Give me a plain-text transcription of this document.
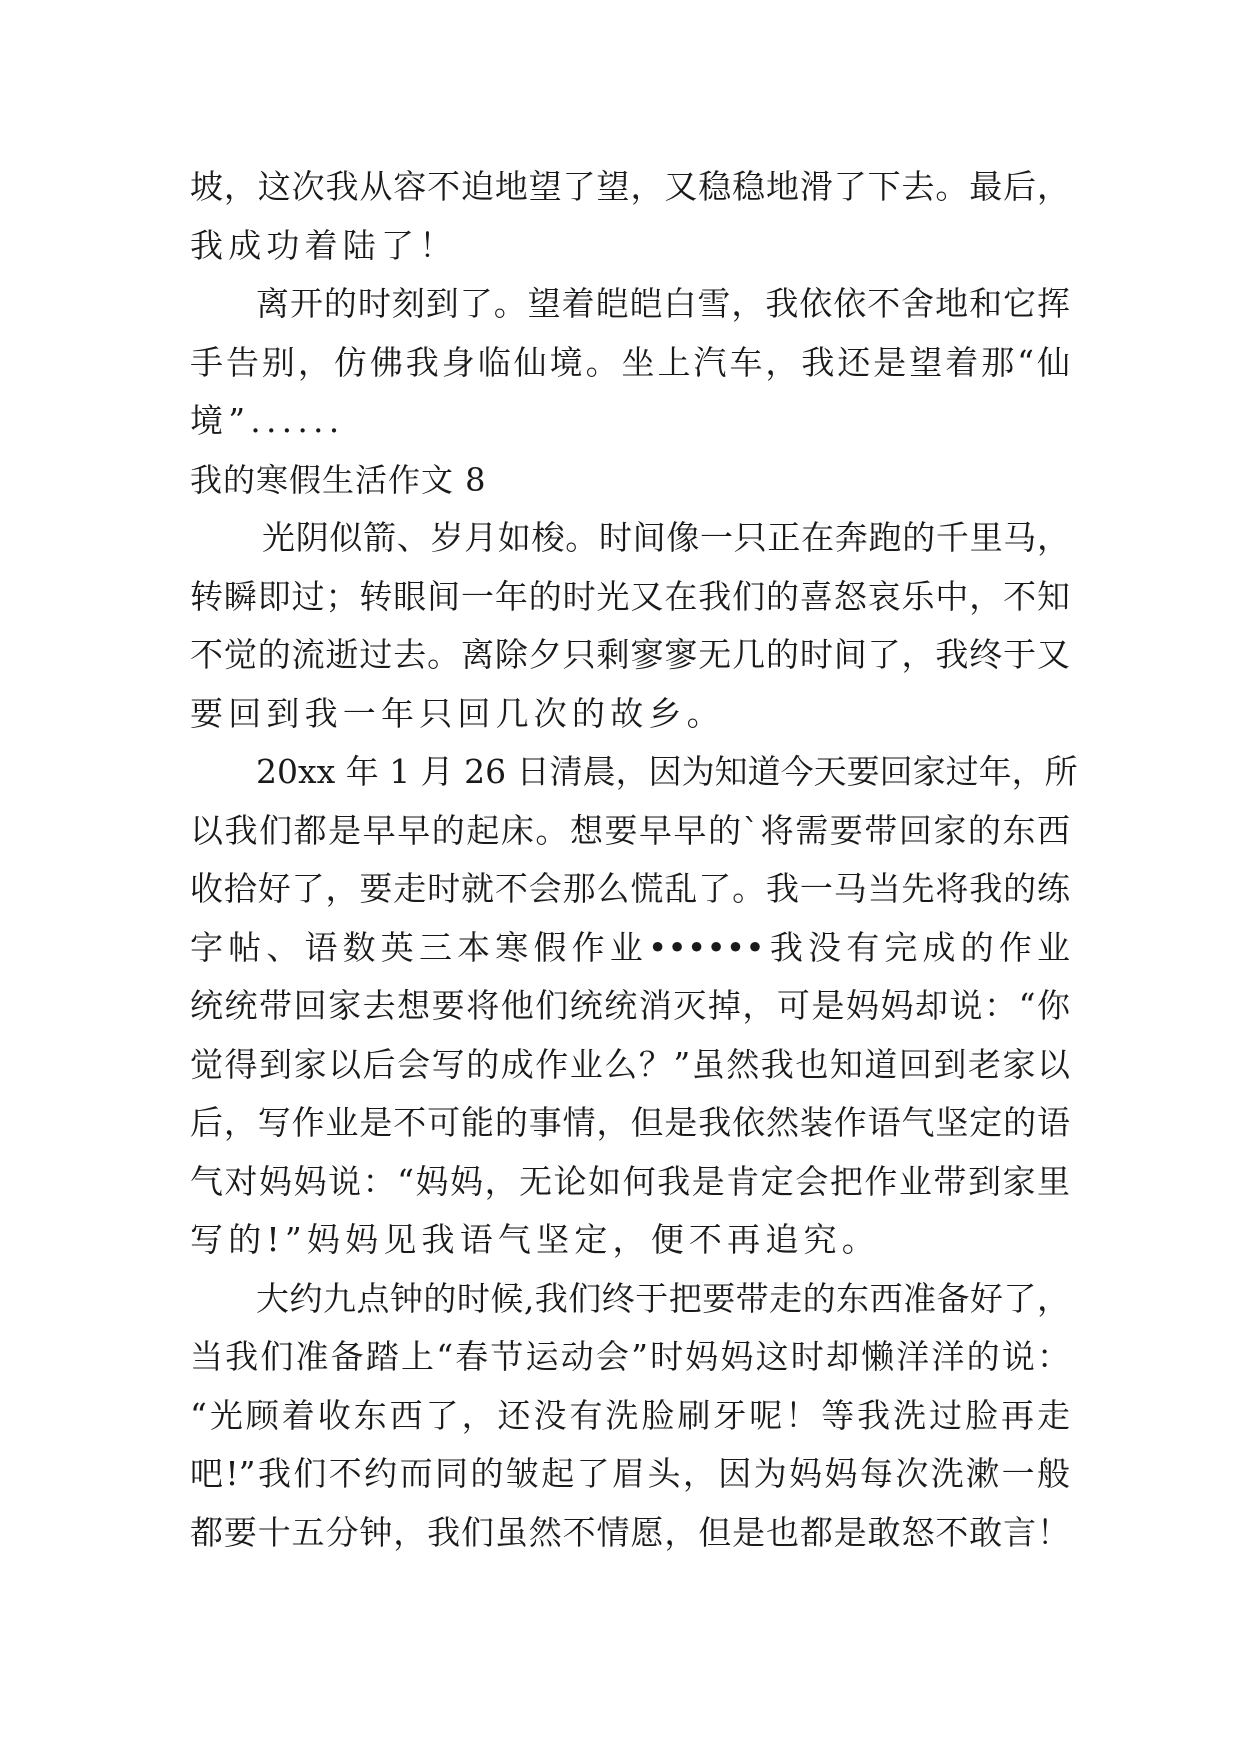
坡，这次我从容不迫地望了望，又稳稳地滑了下去。最后，
我成功着陆了！
离开的时刻到了。望着皑皑白雪，我依依不舍地和它挥
手告别，仿佛我身临仙境。坐上汽车，我还是望着那“仙
境”......
我的寒假生活作文 8
光阴似箭、岁月如梭。时间像一只正在奔跑的千里马，
转瞬即过；转眼间一年的时光又在我们的喜怒哀乐中，不知
不觉的流逝过去。离除夕只剩寥寥无几的时间了，我终于又
要回到我一年只回几次的故乡。
20xx 年 1 月 26 日清晨，因为知道今天要回家过年，所
以我们都是早早的起床。想要早早的`将需要带回家的东西
收拾好了，要走时就不会那么慌乱了。我一马当先将我的练
字帖、语数英三本寒假作业••••••我没有完成的作业
统统带回家去想要将他们统统消灭掉，可是妈妈却说：“你
觉得到家以后会写的成作业么？”虽然我也知道回到老家以
后，写作业是不可能的事情，但是我依然装作语气坚定的语
气对妈妈说：“妈妈，无论如何我是肯定会把作业带到家里
写的!”妈妈见我语气坚定，便不再追究。
大约九点钟的时候,我们终于把要带走的东西准备好了，
当我们准备踏上“春节运动会”时妈妈这时却懒洋洋的说：
“光顾着收东西了，还没有洗脸刷牙呢！等我洗过脸再走
吧!”我们不约而同的皱起了眉头，因为妈妈每次洗漱一般
都要十五分钟，我们虽然不情愿，但是也都是敢怒不敢言！
